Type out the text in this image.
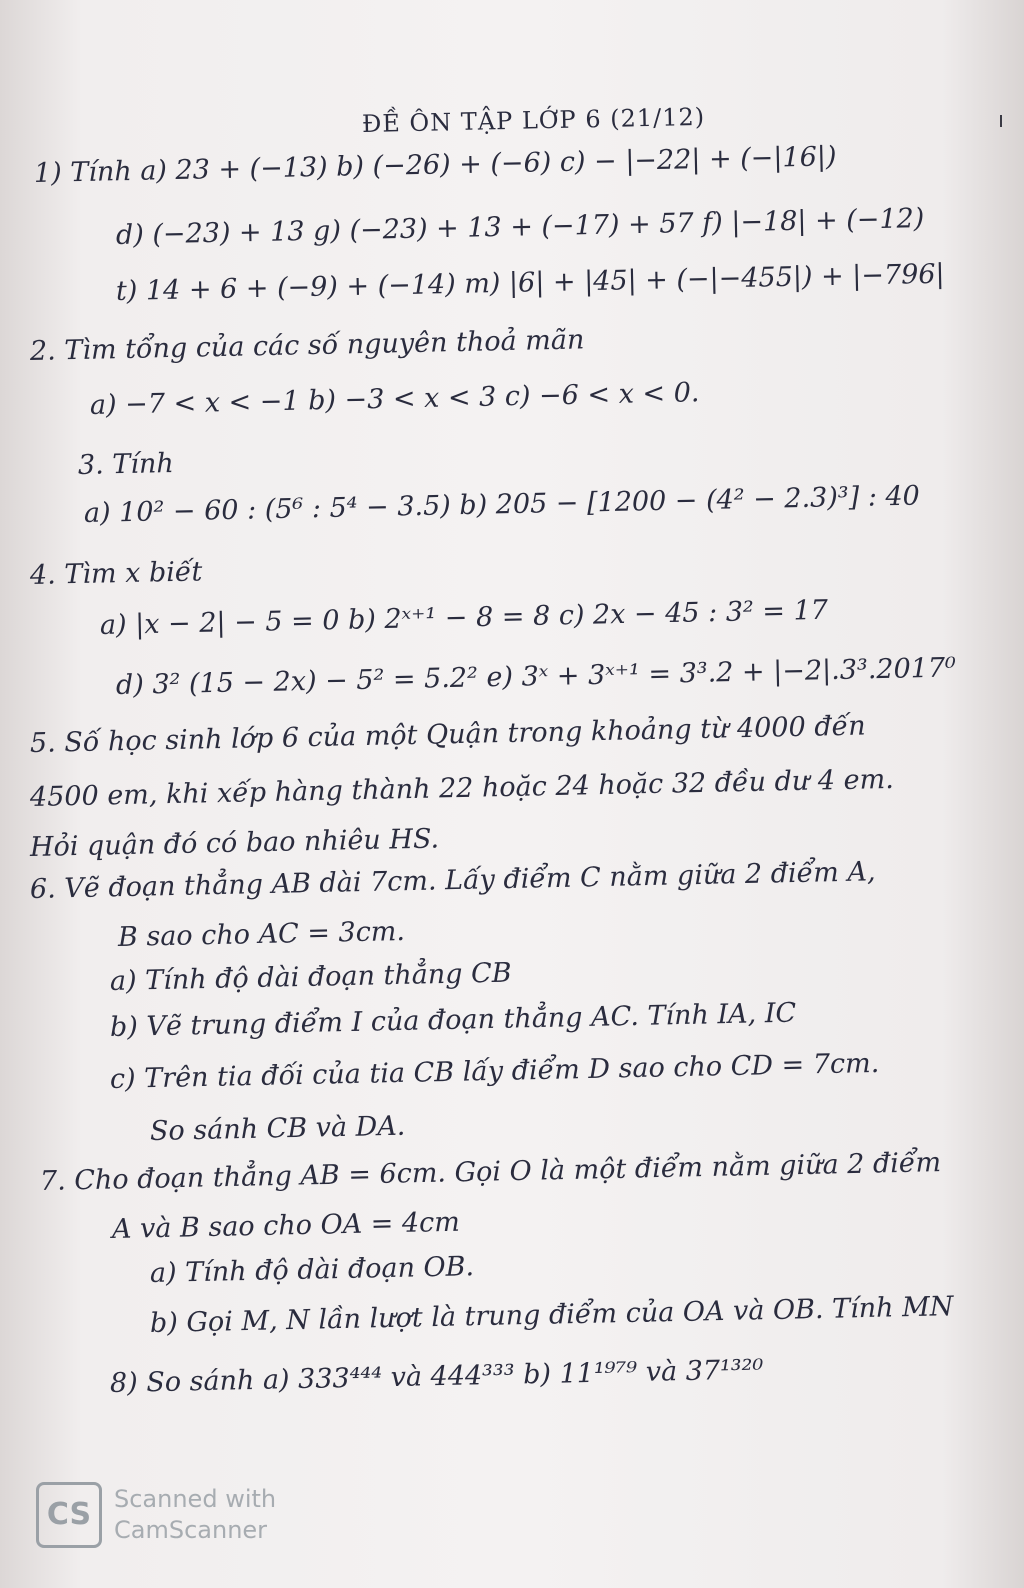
ĐỀ ÔN TẬP LỚP 6 (21/12)
1) Tính a) 23 + (−13) b) (−26) + (−6) c) − |−22| + (−|16|)
d) (−23) + 13 g) (−23) + 13 + (−17) + 57 f) |−18| + (−12)
t) 14 + 6 + (−9) + (−14) m) |6| + |45| + (−|−455|) + |−796|
2. Tìm tổng của các số nguyên thoả mãn
a) −7 < x < −1 b) −3 < x < 3 c) −6 < x < 0.
3. Tính
a) 10² − 60 : (5⁶ : 5⁴ − 3.5) b) 205 − [1200 − (4² − 2.3)³] : 40
4. Tìm x biết
a) |x − 2| − 5 = 0 b) 2ˣ⁺¹ − 8 = 8 c) 2x − 45 : 3² = 17
d) 3² (15 − 2x) − 5² = 5.2² e) 3ˣ + 3ˣ⁺¹ = 3³.2 + |−2|.3³.2017⁰
5. Số học sinh lớp 6 của một Quận trong khoảng từ 4000 đến
4500 em, khi xếp hàng thành 22 hoặc 24 hoặc 32 đều dư 4 em.
Hỏi quận đó có bao nhiêu HS.
6. Vẽ đoạn thẳng AB dài 7cm. Lấy điểm C nằm giữa 2 điểm A,
B sao cho AC = 3cm.
a) Tính độ dài đoạn thẳng CB
b) Vẽ trung điểm I của đoạn thẳng AC. Tính IA, IC
c) Trên tia đối của tia CB lấy điểm D sao cho CD = 7cm.
So sánh CB và DA.
7. Cho đoạn thẳng AB = 6cm. Gọi O là một điểm nằm giữa 2 điểm
A và B sao cho OA = 4cm
a) Tính độ dài đoạn OB.
b) Gọi M, N lần lượt là trung điểm của OA và OB. Tính MN
8) So sánh a) 333⁴⁴⁴ và 444³³³ b) 11¹⁹⁷⁹ và 37¹³²⁰
CS Scanned with
CamScanner
